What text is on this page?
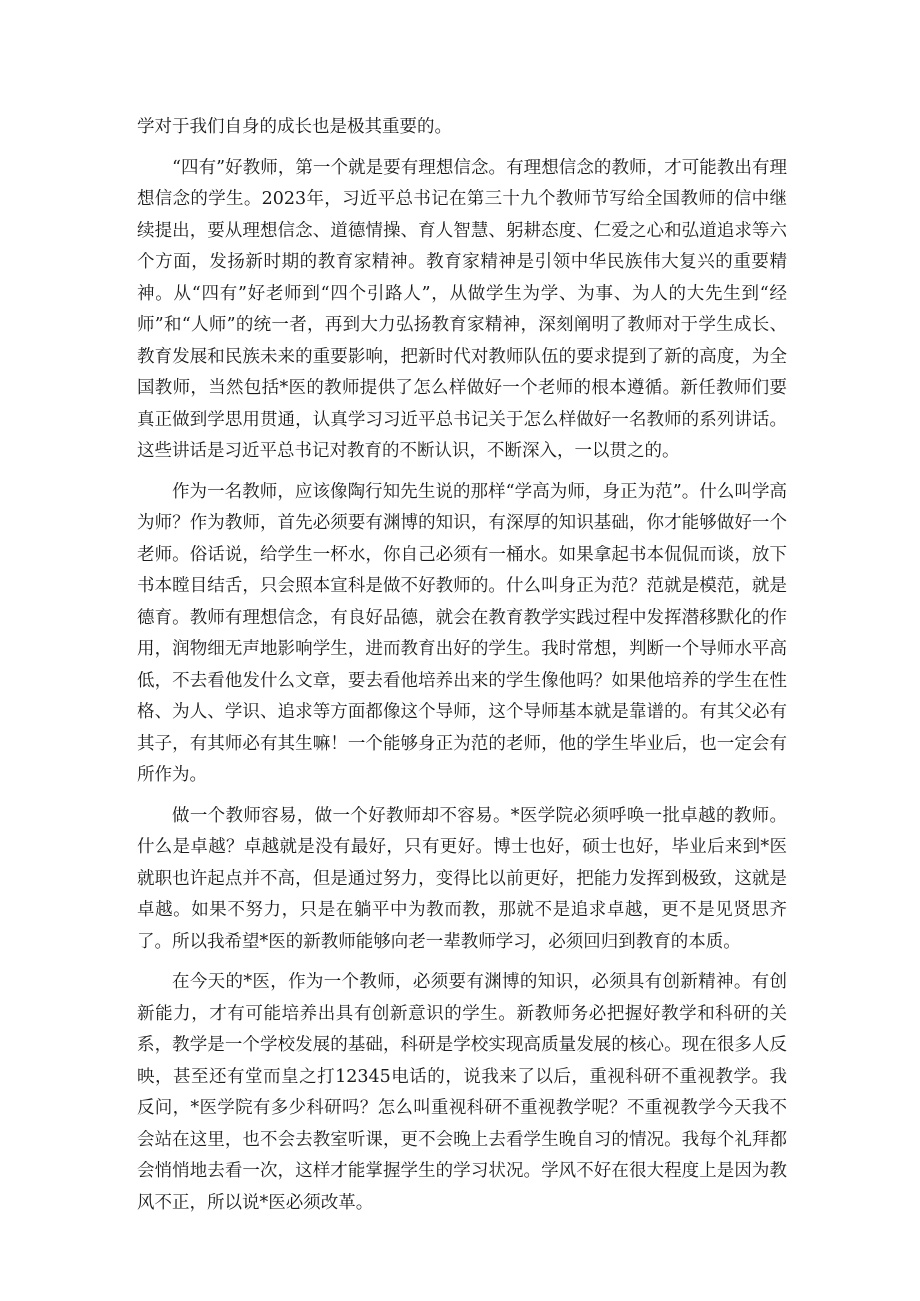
学对于我们自身的成长也是极其重要的。

“四有”好教师，第一个就是要有理想信念。有理想信念的教师，才可能教出有理想信念的学生。2023年，习近平总书记在第三十九个教师节写给全国教师的信中继续提出，要从理想信念、道德情操、育人智慧、躬耕态度、仁爱之心和弘道追求等六个方面，发扬新时期的教育家精神。教育家精神是引领中华民族伟大复兴的重要精神。从“四有”好老师到“四个引路人”，从做学生为学、为事、为人的大先生到“经师”和“人师”的统一者，再到大力弘扬教育家精神，深刻阐明了教师对于学生成长、教育发展和民族未来的重要影响，把新时代对教师队伍的要求提到了新的高度，为全国教师，当然包括*医的教师提供了怎么样做好一个老师的根本遵循。新任教师们要真正做到学思用贯通，认真学习习近平总书记关于怎么样做好一名教师的系列讲话。这些讲话是习近平总书记对教育的不断认识，不断深入，一以贯之的。

作为一名教师，应该像陶行知先生说的那样“学高为师，身正为范”。什么叫学高为师？作为教师，首先必须要有渊博的知识，有深厚的知识基础，你才能够做好一个老师。俗话说，给学生一杯水，你自己必须有一桶水。如果拿起书本侃侃而谈，放下书本瞠目结舌，只会照本宣科是做不好教师的。什么叫身正为范？范就是模范，就是德育。教师有理想信念，有良好品德，就会在教育教学实践过程中发挥潜移默化的作用，润物细无声地影响学生，进而教育出好的学生。我时常想，判断一个导师水平高低，不去看他发什么文章，要去看他培养出来的学生像他吗？如果他培养的学生在性格、为人、学识、追求等方面都像这个导师，这个导师基本就是靠谱的。有其父必有其子，有其师必有其生嘛！一个能够身正为范的老师，他的学生毕业后，也一定会有所作为。

做一个教师容易，做一个好教师却不容易。*医学院必须呼唤一批卓越的教师。什么是卓越？卓越就是没有最好，只有更好。博士也好，硕士也好，毕业后来到*医就职也许起点并不高，但是通过努力，变得比以前更好，把能力发挥到极致，这就是卓越。如果不努力，只是在躺平中为教而教，那就不是追求卓越，更不是见贤思齐了。所以我希望*医的新教师能够向老一辈教师学习，必须回归到教育的本质。

在今天的*医，作为一个教师，必须要有渊博的知识，必须具有创新精神。有创新能力，才有可能培养出具有创新意识的学生。新教师务必把握好教学和科研的关系，教学是一个学校发展的基础，科研是学校实现高质量发展的核心。现在很多人反映，甚至还有堂而皇之打12345电话的，说我来了以后，重视科研不重视教学。我反问，*医学院有多少科研吗？怎么叫重视科研不重视教学呢？不重视教学今天我不会站在这里，也不会去教室听课，更不会晚上去看学生晚自习的情况。我每个礼拜都会悄悄地去看一次，这样才能掌握学生的学习状况。学风不好在很大程度上是因为教风不正，所以说*医必须改革。
